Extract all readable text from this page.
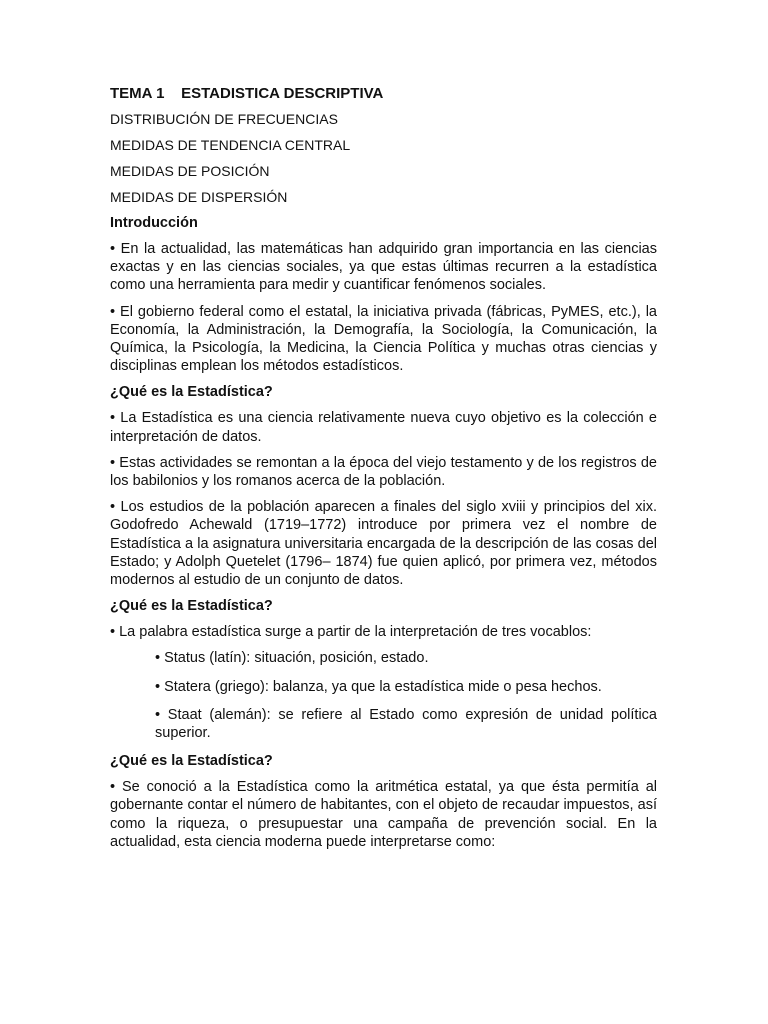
TEMA 1    ESTADISTICA DESCRIPTIVA
DISTRIBUCIÓN DE FRECUENCIAS
MEDIDAS DE TENDENCIA CENTRAL
MEDIDAS DE POSICIÓN
MEDIDAS DE DISPERSIÓN
Introducción
• En la actualidad, las matemáticas han adquirido gran importancia en las ciencias exactas y en las ciencias sociales, ya que estas últimas recurren a la estadística como una herramienta para medir y cuantificar fenómenos sociales.
• El gobierno federal como el estatal, la iniciativa privada (fábricas, PyMES, etc.), la Economía, la Administración, la Demografía, la Sociología, la Comunicación, la Química, la Psicología, la Medicina, la Ciencia Política y muchas otras ciencias y disciplinas emplean los métodos estadísticos.
¿Qué es la Estadística?
• La Estadística es una ciencia relativamente nueva cuyo objetivo es la colección e interpretación de datos.
• Estas actividades se remontan a la época del viejo testamento y de los registros de los babilonios y los romanos acerca de la población.
• Los estudios de la población aparecen a finales del siglo xviii y principios del xix. Godofredo Achewald (1719–1772) introduce por primera vez el nombre de Estadística a la asignatura universitaria encargada de la descripción de las cosas del Estado; y Adolph Quetelet (1796– 1874) fue quien aplicó, por primera vez, métodos modernos al estudio de un conjunto de datos.
¿Qué es la Estadística?
• La palabra estadística surge a partir de la interpretación de tres vocablos:
• Status (latín): situación, posición, estado.
• Statera (griego): balanza, ya que la estadística mide o pesa hechos.
• Staat (alemán): se refiere al Estado como expresión de unidad política superior.
¿Qué es la Estadística?
• Se conoció a la Estadística como la aritmética estatal, ya que ésta permitía al gobernante contar el número de habitantes, con el objeto de recaudar impuestos, así como la riqueza, o presupuestar una campaña de prevención social. En la actualidad, esta ciencia moderna puede interpretarse como:
